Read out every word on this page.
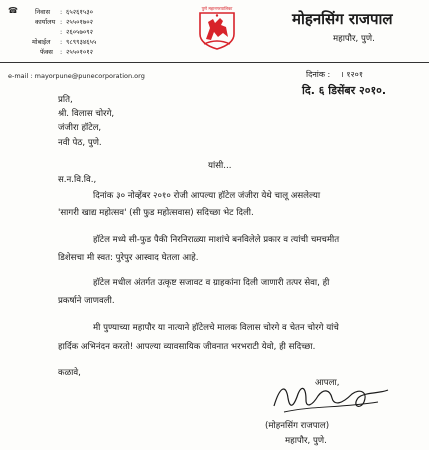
☎	निवास : ६५२६१५३०
कार्यालय : २५५०१७०२
: २६०५७०९२
मोबाईल : ९८९९३४६५५
फॅक्स : २५५०१०१२
e-mail : mayorpune@punecorporation.org
पुणे महानगरपालिका
मोहनसिंग राजपाल
महापौर, पुणे.
दिनांक : । १२०१
दि. ६ डिसेंबर २०१०.
प्रति,
श्री. विलास चोरगे,
जंजीरा हॉटेल,
नवी पेठ, पुणे.
यांसी...
स.न.वि.वि.,
दिनांक ३० नोव्हेंबर २०१० रोजी आपल्या हॉटेल जंजीरा येथे चालू असलेल्या
'सागरी खाद्य महोत्सव' (सी फुड महोत्सवास) सदिच्छा भेट दिली.
हॉटेल मध्ये सी-फुड पैकी निरनिराळ्या माशांचे बनविलेले प्रकार व त्यांची चमचमीत
डिशेसचा मी स्वत: पुरेपुर आस्वाद घेतला आहे.
हॉटेल मधील अंतर्गत उत्कृष्ट सजावट व ग्राहकांना दिली जाणारी तत्पर सेवा, ही
प्रकर्षाने जाणवली.
मी पुण्याच्या महापौर या नात्याने हॉटेलचे मालक विलास चोरगे व चेतन चोरगे यांचे
हार्दिक अभिनंदन करतो! आपल्या व्यावसायिक जीवनात भरभराटी येवो, ही सदिच्छा.
कळावे,
आपला,
(मोहनसिंग राजपाल)
महापौर, पुणे.
